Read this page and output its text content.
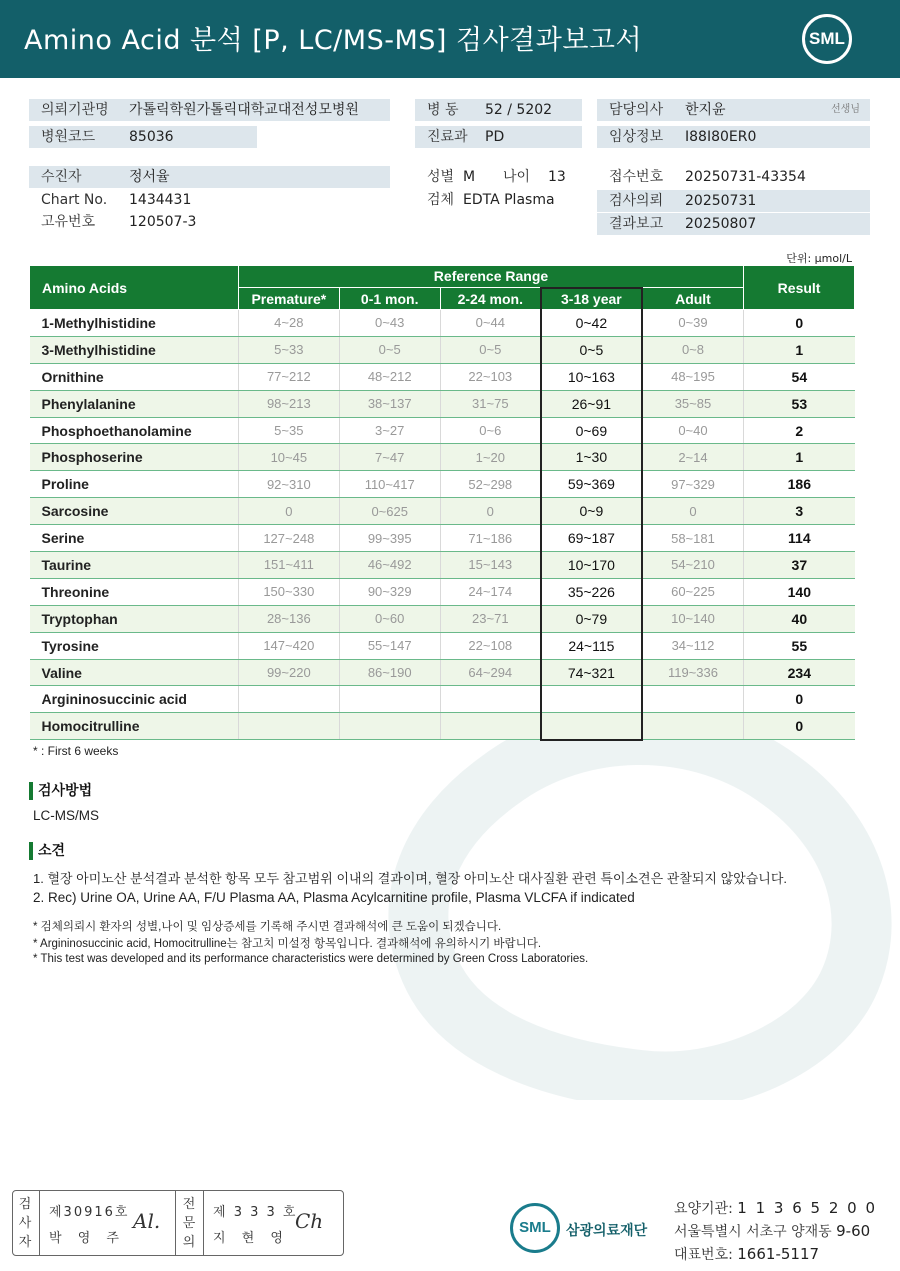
Amino Acid 분석 [P, LC/MS-MS] 검사결과보고서	SML
의뢰기관명 가톨릭학원가톨릭대학교대전성모병원
병원코드 85036
병 동 52 / 5202
진료과 PD
담당의사 한지윤	선생님
임상정보 I88I80ER0
수진자	정서율
Chart No. 1434431
고유번호 120507-3
성별 M 나이 13
검체 EDTA Plasma
접수번호 20250731-43354
검사의뢰 20250731
결과보고 20250807
단위: µmol/L
Amino Acids	Reference Range					Result
	Premature*	0-1 mon.	2-24 mon.	3-18 year	Adult	
1-Methylhistidine	4~28	0~43	0~44	0~42	0~39	0
3-Methylhistidine	5~33	0~5	0~5	0~5	0~8	1
Ornithine	77~212	48~212	22~103	10~163	48~195	54
Phenylalanine	98~213	38~137	31~75	26~91	35~85	53
Phosphoethanolamine	5~35	3~27	0~6	0~69	0~40	2
Phosphoserine	10~45	7~47	1~20	1~30	2~14	1
Proline	92~310	110~417	52~298	59~369	97~329	186
Sarcosine	0	0~625	0	0~9	0	3
Serine	127~248	99~395	71~186	69~187	58~181	114
Taurine	151~411	46~492	15~143	10~170	54~210	37
Threonine	150~330	90~329	24~174	35~226	60~225	140
Tryptophan	28~136	0~60	23~71	0~79	10~140	40
Tyrosine	147~420	55~147	22~108	24~115	34~112	55
Valine	99~220	86~190	64~294	74~321	119~336	234
Argininosuccinic acid						0
Homocitrulline						0
* : First 6 weeks
검사방법
LC-MS/MS
소견
1. 혈장 아미노산 분석결과 분석한 항목 모두 참고범위 이내의 결과이며, 혈장 아미노산 대사질환 관련 특이소견은 관찰되지 않았습니다.
2. Rec) Urine OA, Urine AA, F/U Plasma AA, Plasma Acylcarnitine profile, Plasma VLCFA if indicated
* 검체의뢰시 환자의 성별,나이 및 임상증세를 기록해 주시면 결과해석에 큰 도움이 되겠습니다.
* Argininosuccinic acid, Homocitrulline는 참고치 미설정 항목입니다. 결과해석에 유의하시기 바랍니다.
* This test was developed and its performance characteristics were determined by Green Cross Laboratories.
검
사
자
제30916호
박 영 주
Al.
전
문
의
제 3 3 3 호
지 현 영
Ch	SML	삼광의료재단
요양기관: 1 1 3 6 5 2 0 0
서울특별시 서초구 양재동 9-60
대표번호: 1661-5117
